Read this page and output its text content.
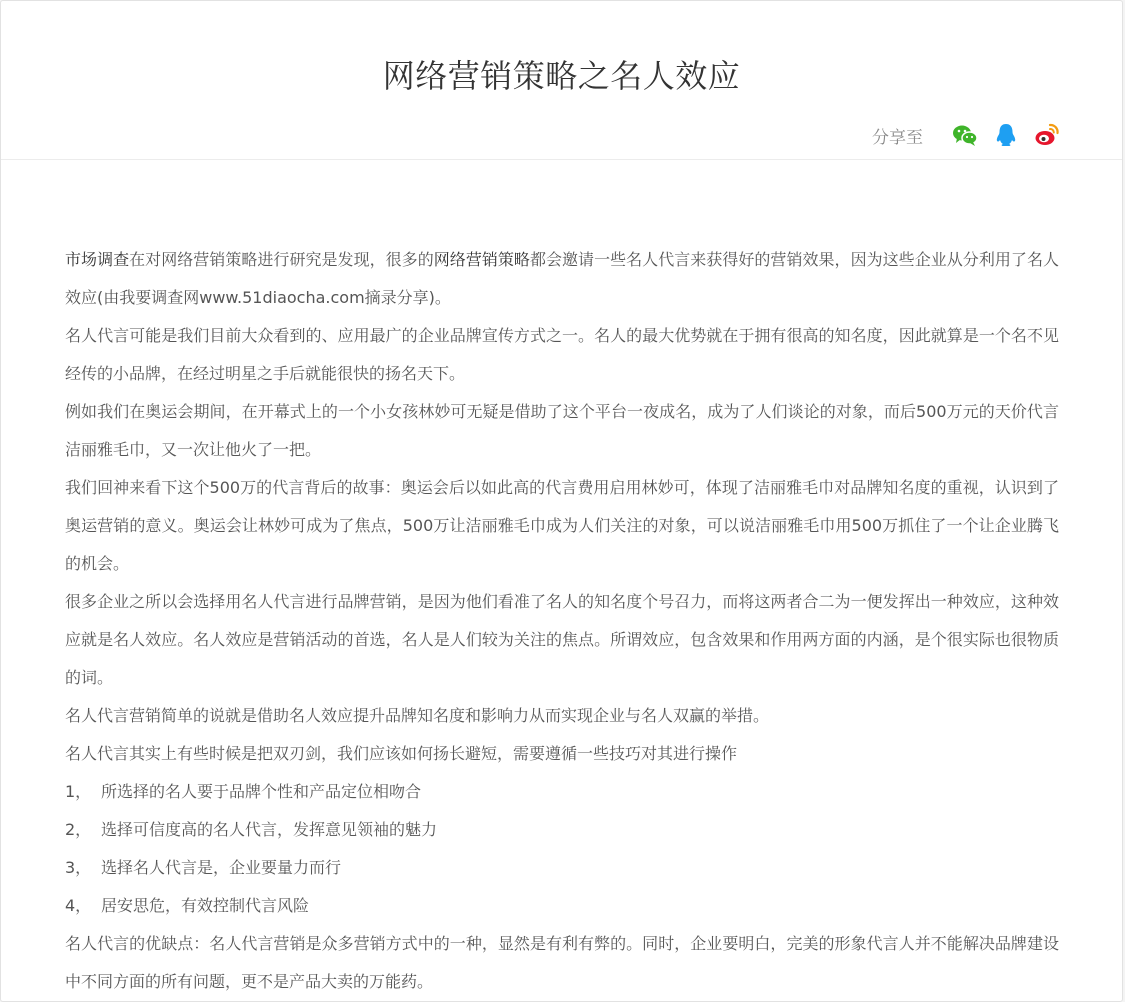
网络营销策略之名人效应
分享至

市场调查在对网络营销策略进行研究是发现，很多的网络营销策略都会邀请一些名人代言来获得好的营销效果，因为这些企业从分利用了名人效应(由我要调查网www.51diaocha.com摘录分享)。

名人代言可能是我们目前大众看到的、应用最广的企业品牌宣传方式之一。名人的最大优势就在于拥有很高的知名度，因此就算是一个名不见经传的小品牌，在经过明星之手后就能很快的扬名天下。

例如我们在奥运会期间，在开幕式上的一个小女孩林妙可无疑是借助了这个平台一夜成名，成为了人们谈论的对象，而后500万元的天价代言洁丽雅毛巾，又一次让他火了一把。

我们回神来看下这个500万的代言背后的故事：奥运会后以如此高的代言费用启用林妙可，体现了洁丽雅毛巾对品牌知名度的重视，认识到了奥运营销的意义。奥运会让林妙可成为了焦点，500万让洁丽雅毛巾成为人们关注的对象，可以说洁丽雅毛巾用500万抓住了一个让企业腾飞的机会。

很多企业之所以会选择用名人代言进行品牌营销，是因为他们看准了名人的知名度个号召力，而将这两者合二为一便发挥出一种效应，这种效应就是名人效应。名人效应是营销活动的首选，名人是人们较为关注的焦点。所谓效应，包含效果和作用两方面的内涵，是个很实际也很物质的词。

名人代言营销简单的说就是借助名人效应提升品牌知名度和影响力从而实现企业与名人双赢的举措。

名人代言其实上有些时候是把双刃剑，我们应该如何扬长避短，需要遵循一些技巧对其进行操作

1， 所选择的名人要于品牌个性和产品定位相吻合
2， 选择可信度高的名人代言，发挥意见领袖的魅力
3， 选择名人代言是，企业要量力而行
4， 居安思危，有效控制代言风险

名人代言的优缺点：名人代言营销是众多营销方式中的一种，显然是有利有弊的。同时，企业要明白，完美的形象代言人并不能解决品牌建设中不同方面的所有问题，更不是产品大卖的万能药。
